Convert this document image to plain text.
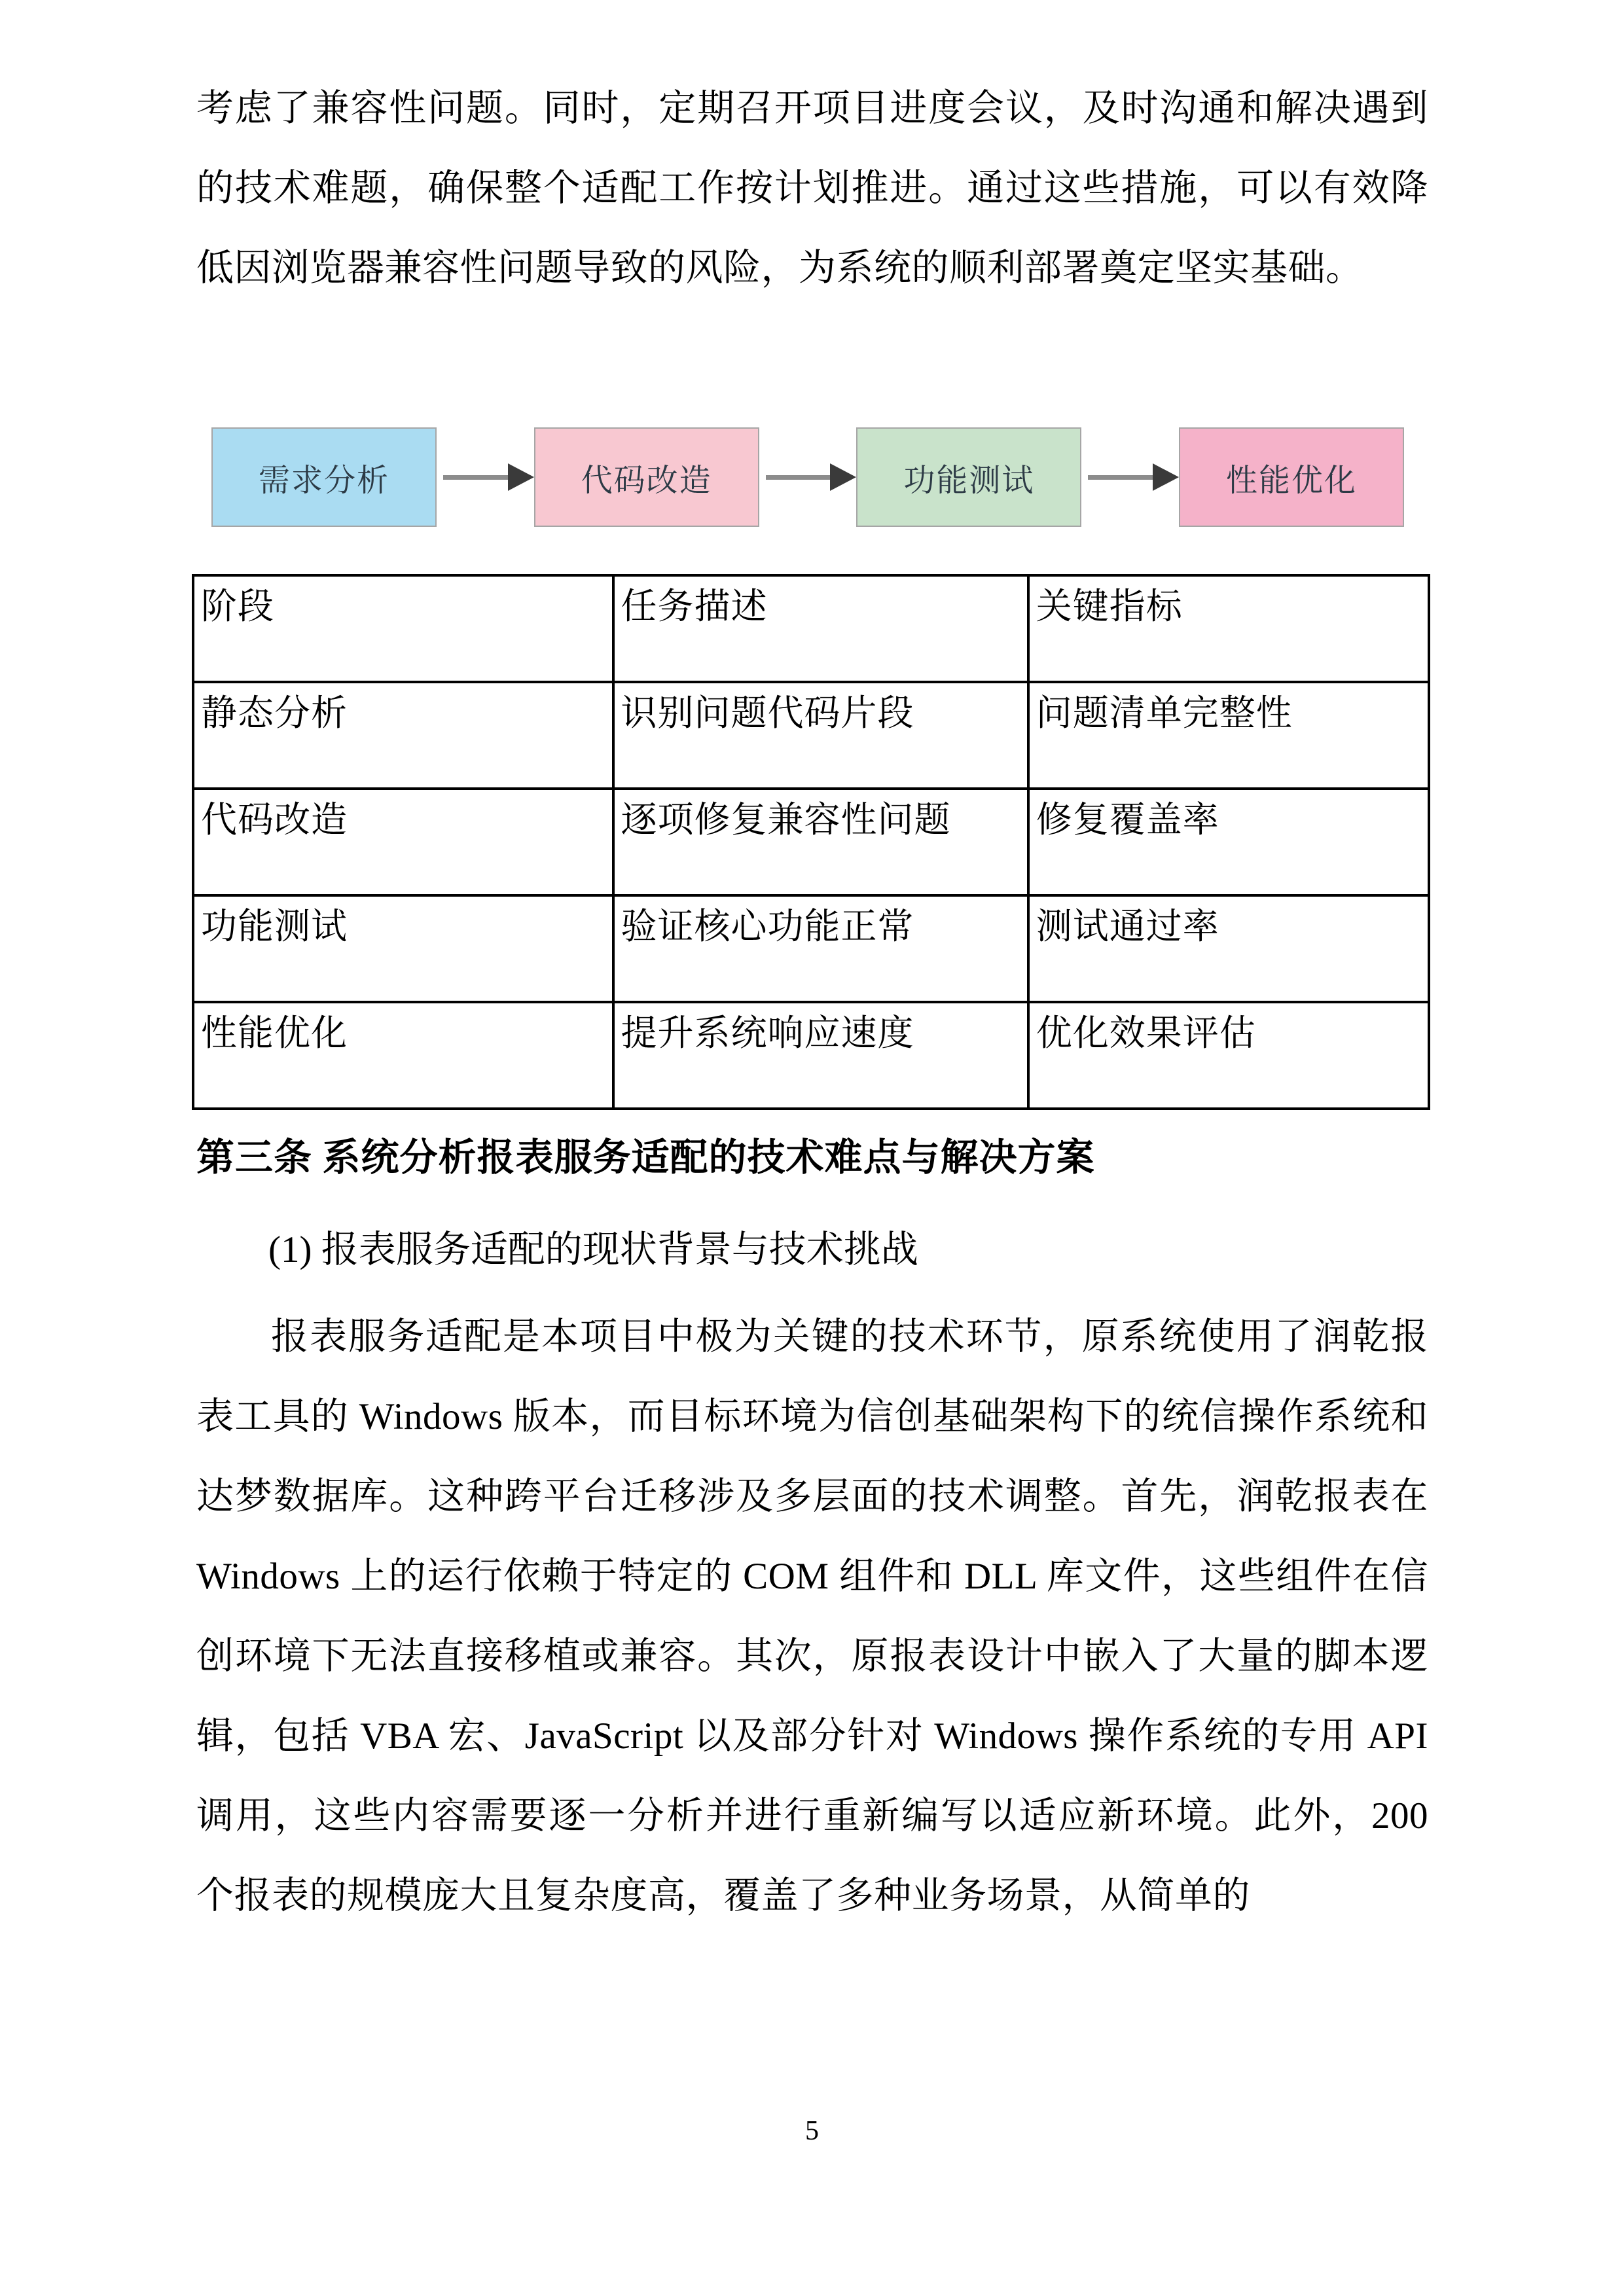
考虑了兼容性问题。同时，定期召开项目进度会议，及时沟通和解决遇到的技术难题，确保整个适配工作按计划推进。通过这些措施，可以有效降低因浏览器兼容性问题导致的风险，为系统的顺利部署奠定坚实基础。
需求分析	代码改造	功能测试	性能优化
阶段	任务描述	关键指标
静态分析	识别问题代码片段	问题清单完整性
代码改造	逐项修复兼容性问题	修复覆盖率
功能测试	验证核心功能正常	测试通过率
性能优化	提升系统响应速度	优化效果评估
第三条 系统分析报表服务适配的技术难点与解决方案
(1) 报表服务适配的现状背景与技术挑战
报表服务适配是本项目中极为关键的技术环节，原系统使用了润乾报表工具的 Windows 版本，而目标环境为信创基础架构下的统信操作系统和达梦数据库。这种跨平台迁移涉及多层面的技术调整。首先，润乾报表在 Windows 上的运行依赖于特定的 COM 组件和 DLL 库文件，这些组件在信创环境下无法直接移植或兼容。其次，原报表设计中嵌入了大量的脚本逻辑，包括 VBA 宏、JavaScript 以及部分针对 Windows 操作系统的专用 API 调用，这些内容需要逐一分析并进行重新编写以适应新环境。此外，200 个报表的规模庞大且复杂度高，覆盖了多种业务场景，从简单的
5
